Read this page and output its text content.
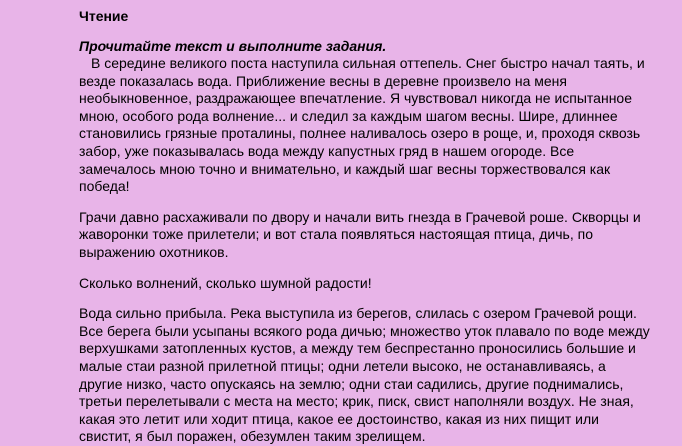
Чтение
Прочитайте текст и выполните задания.

В середине великого поста наступила сильная оттепель. Снег быстро начал таять, и везде показалась вода. Приближение весны в деревне произвело на меня необыкновенное, раздражающее впечатление. Я чувствовал никогда не испытанное мною, особого рода волнение... и следил за каждым шагом весны. Шире, длиннее становились грязные проталины, полнее наливалось озеро в роще, и, проходя сквозь забор, уже показывалась вода между капустных гряд в нашем огороде. Все замечалось мною точно и внимательно, и каждый шаг весны торжествовался как победа!

Грачи давно расхаживали по двору и начали вить гнезда в Грачевой роше. Скворцы и жаворонки тоже прилетели; и вот стала появляться настоящая птица, дичь, по выражению охотников.

Сколько волнений, сколько шумной радости!

Вода сильно прибыла. Река выступила из берегов, слилась с озером Грачевой рощи. Все берега были усыпаны всякого рода дичью; множество уток плавало по воде между верхушками затопленных кустов, а между тем беспрестанно проносились большие и малые стаи разной прилетной птицы; одни летели высоко, не останавливаясь, а другие низко, часто опускаясь на землю; одни стаи садились, другие поднимались, третьи перелетывали с места на место; крик, писк, свист наполняли воздух. Не зная, какая это летит или ходит птица, какое ее достоинство, какая из них пищит или свистит, я был поражен, обезумлен таким зрелищем.
